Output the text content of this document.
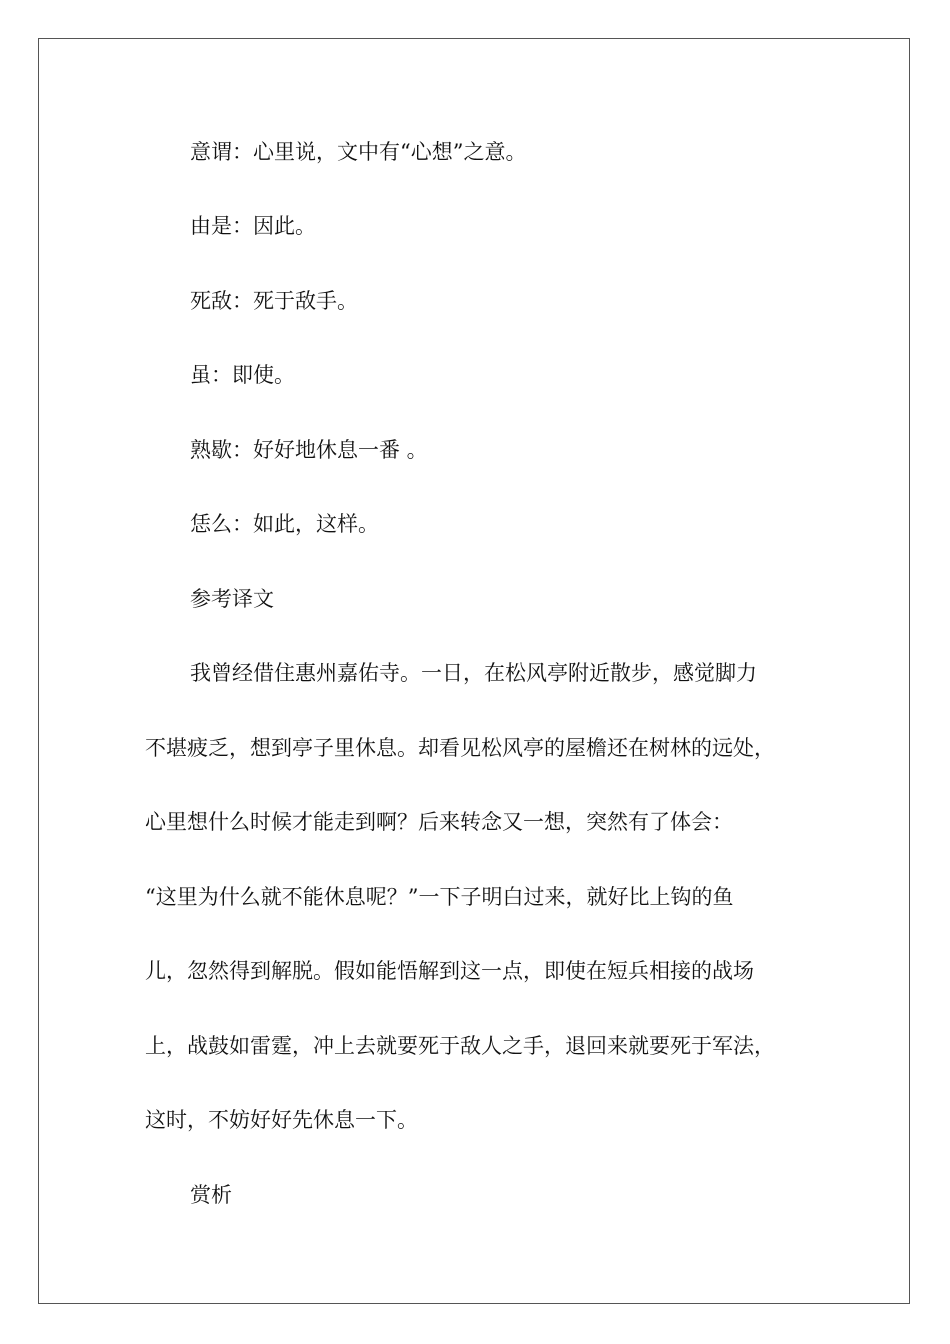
意谓：心里说，文中有“心想”之意。

由是：因此。

死敌：死于敌手。

虽：即使。

熟歇：好好地休息一番 。

恁么：如此，这样。

参考译文

我曾经借住惠州嘉佑寺。一日，在松风亭附近散步，感觉脚力

不堪疲乏，想到亭子里休息。却看见松风亭的屋檐还在树林的远处，

心里想什么时候才能走到啊？后来转念又一想，突然有了体会：

“这里为什么就不能休息呢？”一下子明白过来，就好比上钩的鱼

儿，忽然得到解脱。假如能悟解到这一点，即使在短兵相接的战场

上，战鼓如雷霆，冲上去就要死于敌人之手，退回来就要死于军法，

这时，不妨好好先休息一下。

赏析
